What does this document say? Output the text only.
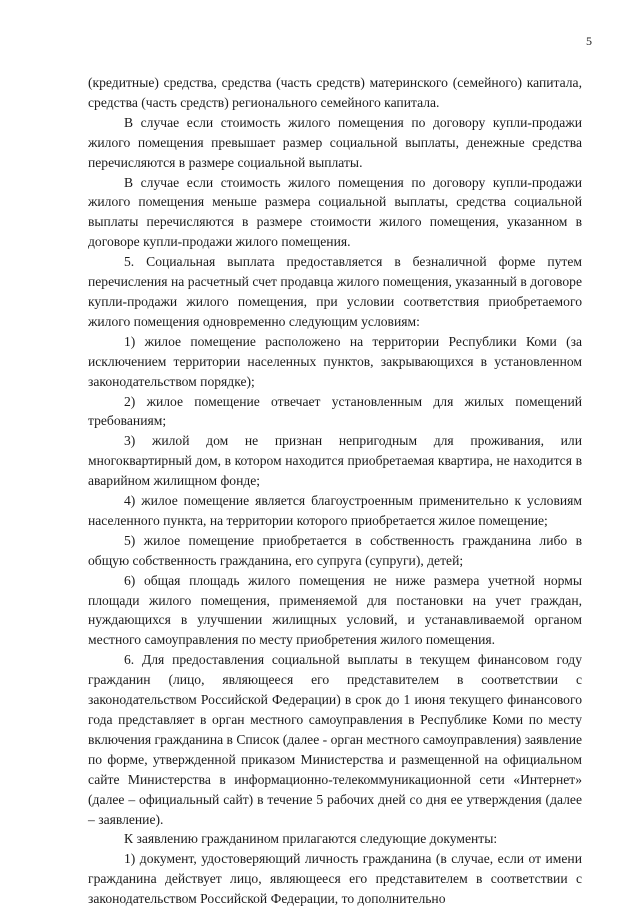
5

(кредитные) средства, средства (часть средств) материнского (семейного) капитала, средства (часть средств) регионального семейного капитала.

В случае если стоимость жилого помещения по договору купли-продажи жилого помещения превышает размер социальной выплаты, денежные средства перечисляются в размере социальной выплаты.

В случае если стоимость жилого помещения по договору купли-продажи жилого помещения меньше размера социальной выплаты, средства социальной выплаты перечисляются в размере стоимости жилого помещения, указанном в договоре купли-продажи жилого помещения.

5. Социальная выплата предоставляется в безналичной форме путем перечисления на расчетный счет продавца жилого помещения, указанный в договоре купли-продажи жилого помещения, при условии соответствия приобретаемого жилого помещения одновременно следующим условиям:

1) жилое помещение расположено на территории Республики Коми (за исключением территории населенных пунктов, закрывающихся в установленном законодательством порядке);

2) жилое помещение отвечает установленным для жилых помещений требованиям;

3) жилой дом не признан непригодным для проживания, или многоквартирный дом, в котором находится приобретаемая квартира, не находится в аварийном жилищном фонде;

4) жилое помещение является благоустроенным применительно к условиям населенного пункта, на территории которого приобретается жилое помещение;

5) жилое помещение приобретается в собственность гражданина либо в общую собственность гражданина, его супруга (супруги), детей;

6) общая площадь жилого помещения не ниже размера учетной нормы площади жилого помещения, применяемой для постановки на учет граждан, нуждающихся в улучшении жилищных условий, и устанавливаемой органом местного самоуправления по месту приобретения жилого помещения.

6. Для предоставления социальной выплаты в текущем финансовом году гражданин (лицо, являющееся его представителем в соответствии с законодательством Российской Федерации) в срок до 1 июня текущего финансового года представляет в орган местного самоуправления в Республике Коми по месту включения гражданина в Список (далее - орган местного самоуправления) заявление по форме, утвержденной приказом Министерства и размещенной на официальном сайте Министерства в информационно-телекоммуникационной сети «Интернет» (далее – официальный сайт) в течение 5 рабочих дней со дня ее утверждения (далее – заявление).

К заявлению гражданином прилагаются следующие документы:

1) документ, удостоверяющий личность гражданина (в случае, если от имени гражданина действует лицо, являющееся его представителем в соответствии с законодательством Российской Федерации, то дополнительно
